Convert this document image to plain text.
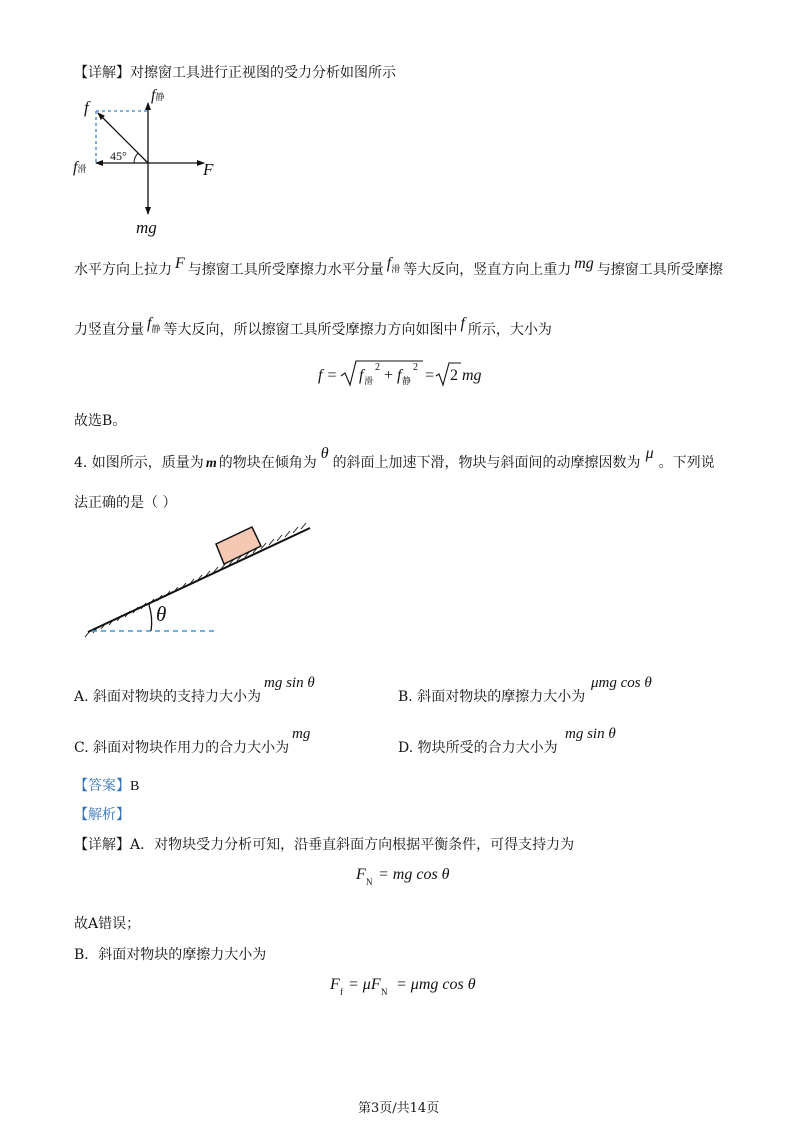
【详解】对擦窗工具进行正视图的受力分析如图所示
f
f静
45°
f滑	F
mg
水平方向上拉力 F 与擦窗工具所受摩擦力水平分量 f滑 等大反向，竖直方向上重力 mg 与擦窗工具所受摩擦
力竖直分量 f静 等大反向，所以擦窗工具所受摩擦力方向如图中 f 所示，大小为
f = f 滑
2 + f 静
2 = 2 mg
故选B。
4. 如图所示，质量为 m 的物块在倾角为θ的斜面上加速下滑，物块与斜面间的动摩擦因数为μ。下列说
法正确的是（ ）
θ
A. 斜面对物块的支持力大小为
mg sin θ
B. 斜面对物块的摩擦力大小为
μmg cos θ
C. 斜面对物块作用力的合力大小为
mg
D. 物块所受的合力大小为
mg sin θ
【答案】B
【解析】
【详解】A．对物块受力分析可知，沿垂直斜面方向根据平衡条件，可得支持力为
F N = mg cos θ
故A错误；
B．斜面对物块的摩擦力大小为
F f = μF N = μmg cos θ
第3页/共14页
